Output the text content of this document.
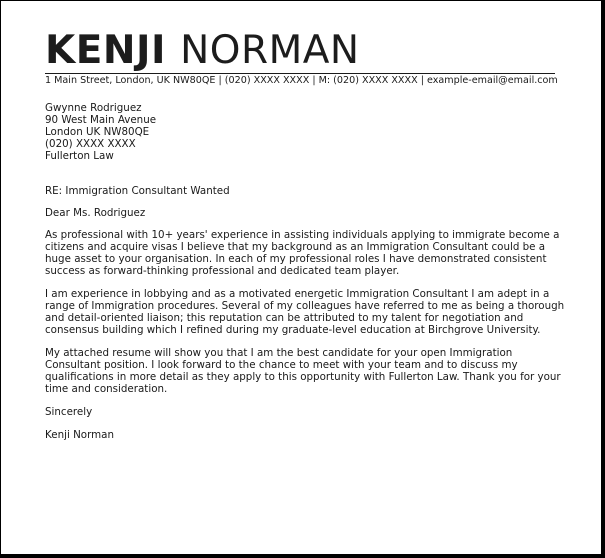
KENJI NORMAN
1 Main Street, London, UK NW80QE | (020) XXXX XXXX | M: (020) XXXX XXXX | example-email@email.com
Gwynne Rodriguez
90 West Main Avenue
London UK NW80QE
(020) XXXX XXXX
Fullerton Law
RE: Immigration Consultant Wanted
Dear Ms. Rodriguez
As professional with 10+ years' experience in assisting individuals applying to immigrate become a citizens and acquire visas I believe that my background as an Immigration Consultant could be a huge asset to your organisation. In each of my professional roles I have demonstrated consistent success as forward-thinking professional and dedicated team player.
I am experience in lobbying and as a motivated energetic Immigration Consultant I am adept in a range of Immigration procedures. Several of my colleagues have referred to me as being a thorough and detail-oriented liaison; this reputation can be attributed to my talent for negotiation and consensus building which I refined during my graduate-level education at Birchgrove University.
My attached resume will show you that I am the best candidate for your open Immigration Consultant position. I look forward to the chance to meet with your team and to discuss my qualifications in more detail as they apply to this opportunity with Fullerton Law. Thank you for your time and consideration.
Sincerely
Kenji Norman
